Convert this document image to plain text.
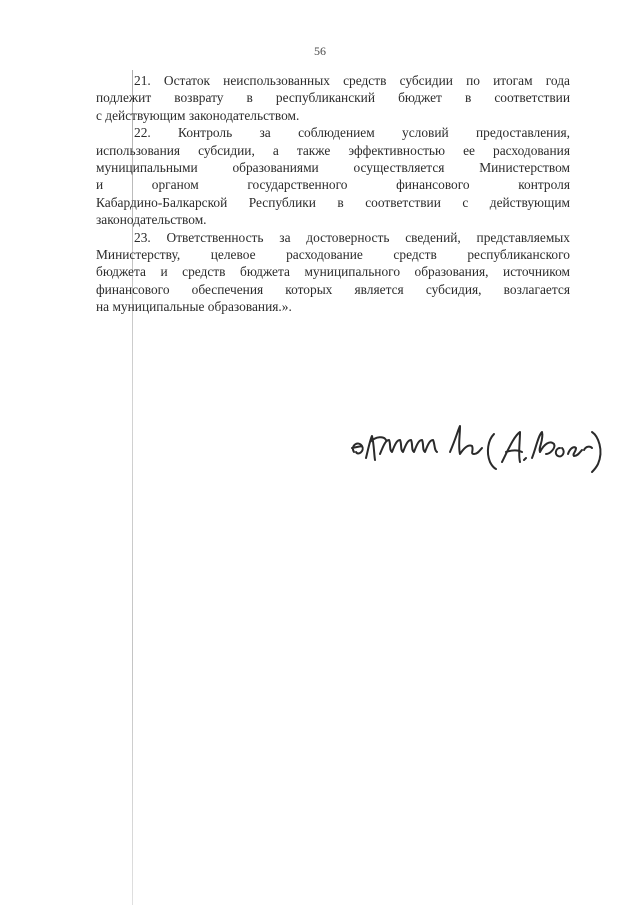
56

21. Остаток неиспользованных средств субсидии по итогам года
подлежит возврату в республиканский бюджет в соответствии
с действующим законодательством.

22. Контроль за соблюдением условий предоставления,
использования субсидии, а также эффективностью ее расходования
муниципальными образованиями осуществляется Министерством
и органом государственного финансового контроля
Кабардино-Балкарской Республики в соответствии с действующим
законодательством.

23. Ответственность за достоверность сведений, представляемых
Министерству, целевое расходование средств республиканского
бюджета и средств бюджета муниципального образования, источником
финансового обеспечения которых является субсидия, возлагается
на муниципальные образования.».
